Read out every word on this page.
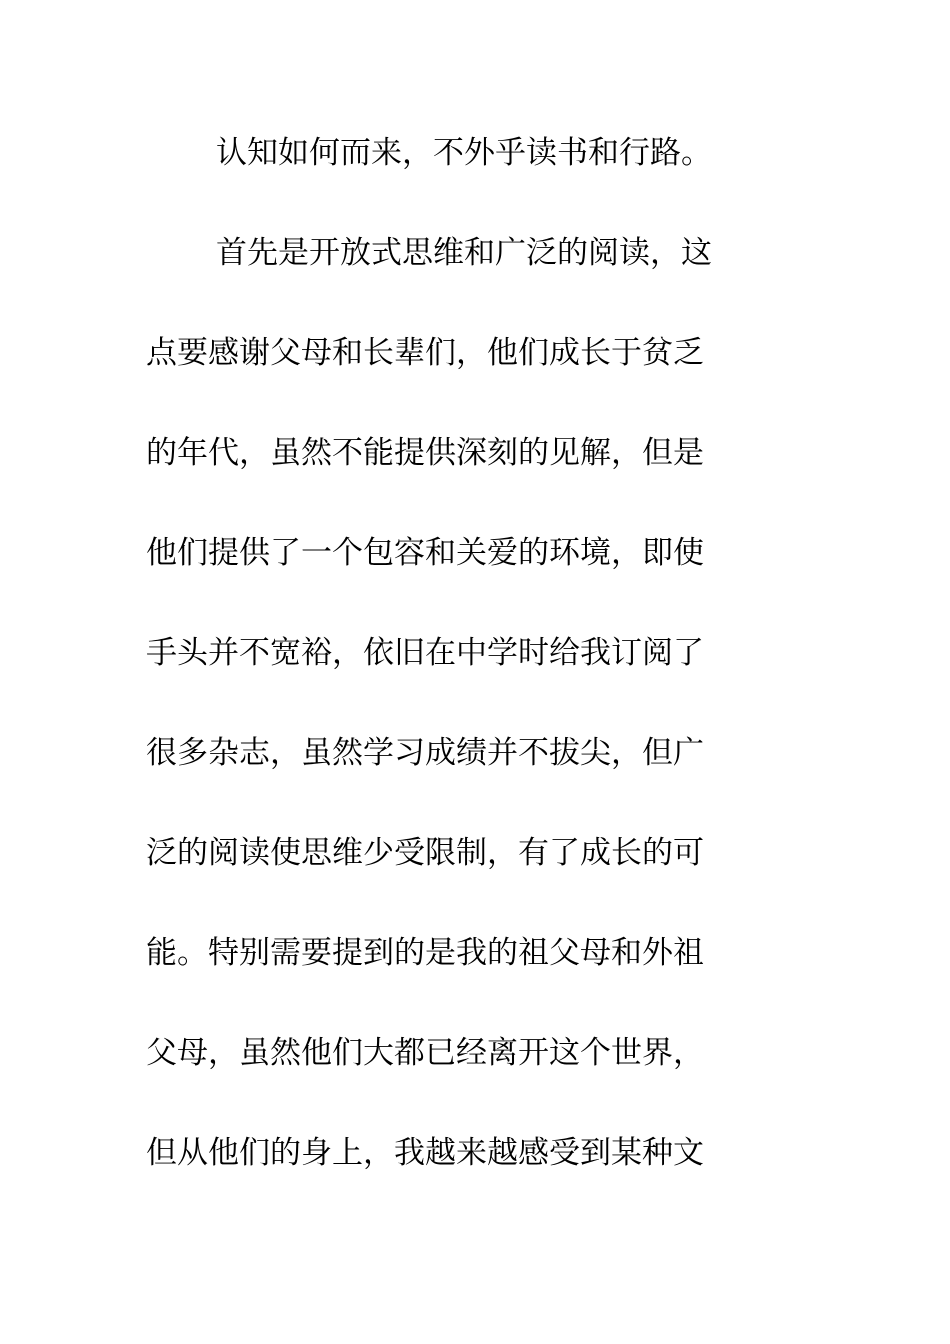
认知如何而来，不外乎读书和行路。
首先是开放式思维和广泛的阅读，这
点要感谢父母和长辈们，他们成长于贫乏
的年代，虽然不能提供深刻的见解，但是
他们提供了一个包容和关爱的环境，即使
手头并不宽裕，依旧在中学时给我订阅了
很多杂志，虽然学习成绩并不拔尖，但广
泛的阅读使思维少受限制，有了成长的可
能。特别需要提到的是我的祖父母和外祖
父母，虽然他们大都已经离开这个世界，
但从他们的身上，我越来越感受到某种文
